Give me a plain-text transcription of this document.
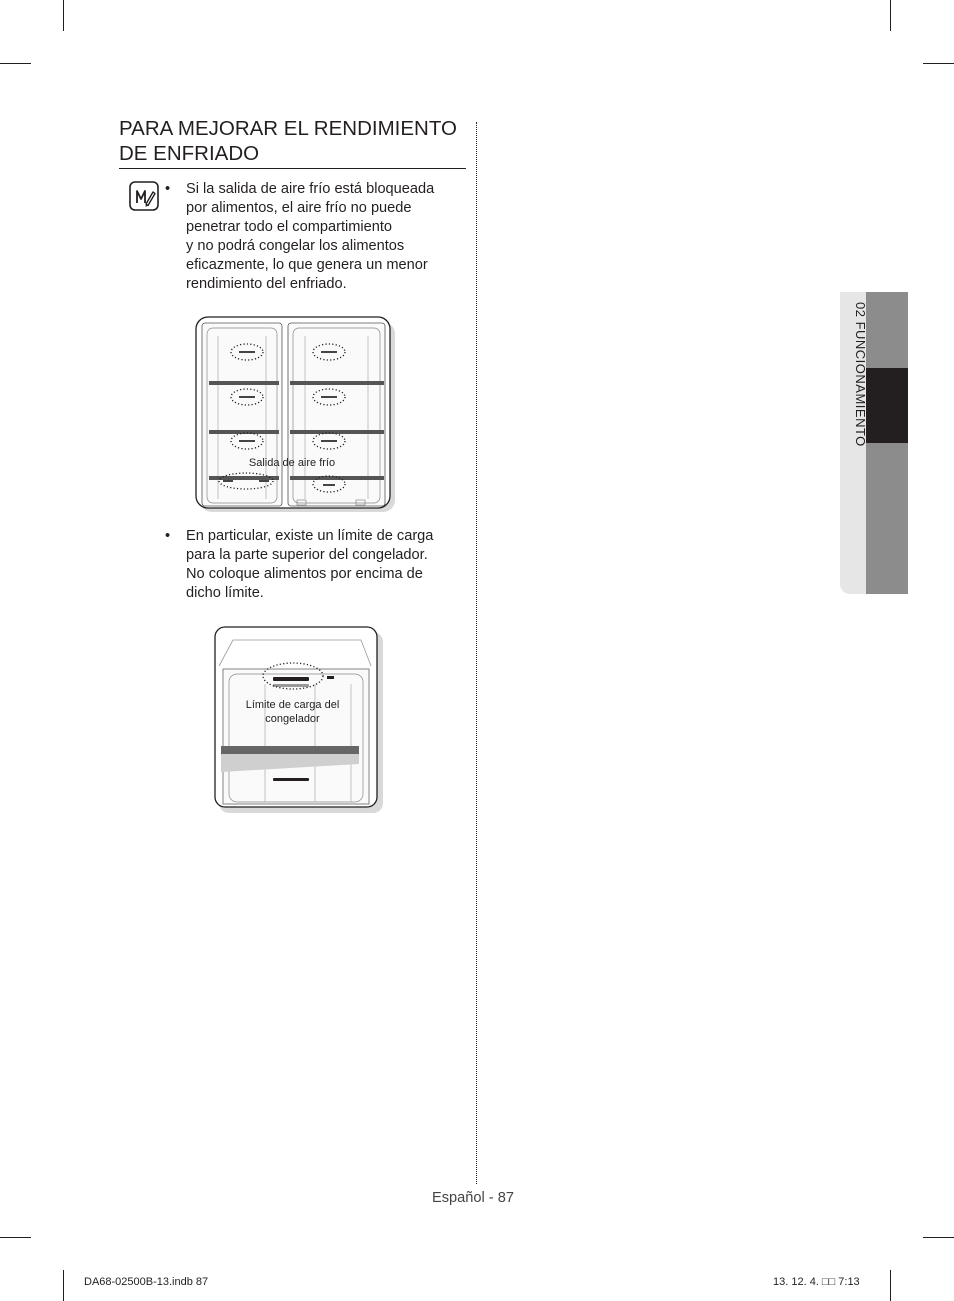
PARA MEJORAR EL RENDIMIENTO
DE ENFRIADO
• Si la salida de aire frío está bloqueada
por alimentos, el aire frío no puede
penetrar todo el compartimiento
y no podrá congelar los alimentos
eficazmente, lo que genera un menor
rendimiento del enfriado.

Salida de aire frío
• En particular, existe un límite de carga
para la parte superior del congelador.
No coloque alimentos por encima de
dicho límite.

Límite de carga del
congelador
02 FUNCIONAMIENTO
Español - 87
DA68-02500B-13.indb 87	13. 12. 4. □□ 7:13
